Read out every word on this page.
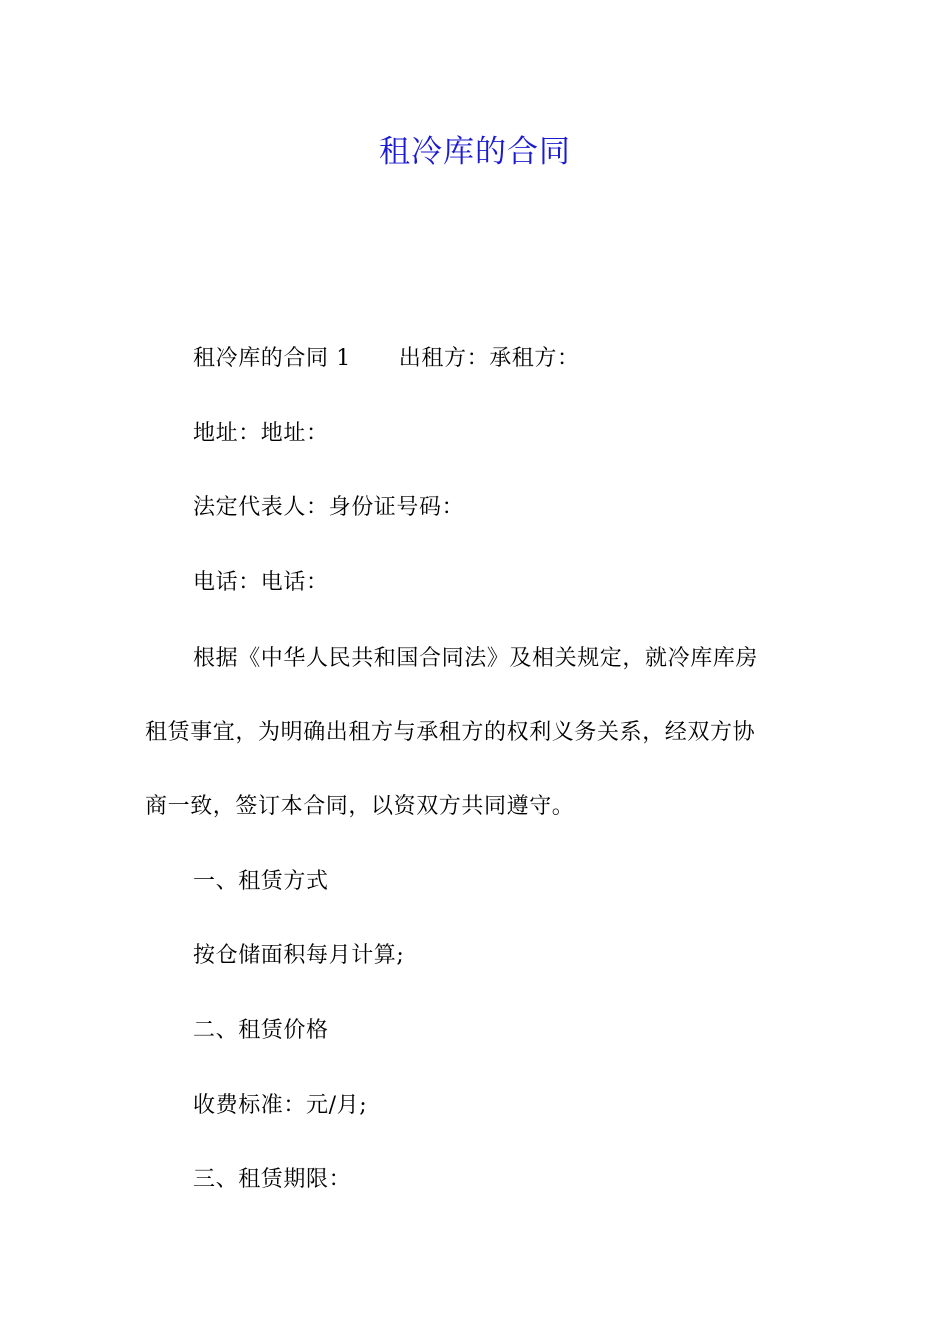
租冷库的合同
租冷库的合同 1 出租方：承租方：
地址：地址：
法定代表人：身份证号码：
电话：电话：
根据《中华人民共和国合同法》及相关规定，就冷库库房
租赁事宜，为明确出租方与承租方的权利义务关系，经双方协
商一致，签订本合同，以资双方共同遵守。
一、租赁方式
按仓储面积每月计算;
二、租赁价格
收费标准：元/月;
三、租赁期限：
